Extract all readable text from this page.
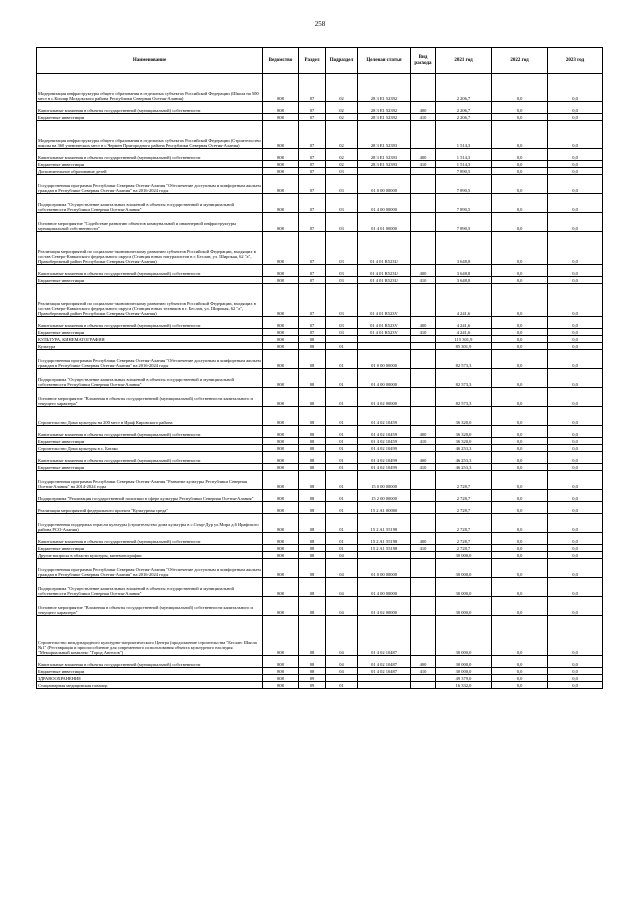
258
Наименование	Ведомство	Раздел	Подраздел	Целевая статья	Вид расхода	2021 год	2022 год	2023 год
Модернизация инфраструктуры общего образования в отдельных субъектах Российской Федерации (Школа на 500 мест в с.Кизляр Моздокского района Республики Северная Осетия-Алания)	808	07	02	28 3 E1 52392		2 206,7	0,0	0,0
Капитальные вложения в объекты государственной (муниципальной) собственности	808	07	02	28 3 E1 52392	400	2 206,7	0,0	0,0
Бюджетные инвестиции	808	07	02	28 3 E1 52392	410	2 206,7	0,0	0,0
Модернизация инфраструктуры общего образования в отдельных субъектах Российской Федерации (Строительство школы на 360 ученических мест в с.Чермен Пригородного района Республики Северная Осетия-Алания)	808	07	02	28 3 E1 52393		1 514,3	0,0	0,0
Капитальные вложения в объекты государственной (муниципальной) собственности	808	07	02	28 3 E1 52393	400	1 514,3	0,0	0,0
Бюджетные инвестиции	808	07	02	28 3 E1 52393	410	1 514,3	0,0	0,0
Дополнительное образование детей	808	07	03			7 890,5	0,0	0,0
Государственная программа Республики Северная Осетия-Алания "Обеспечение доступным и комфортным жильем граждан в Республике Северная Осетия-Алания" на 2016-2024 годы	808	07	03	01 0 00 00000		7 890,5	0,0	0,0
Подпрограмма "Осуществление капитальных вложений в объекты государственной и муниципальной собственности Республики Северная Осетия-Алания"	808	07	03	01 4 00 00000		7 890,5	0,0	0,0
Основное мероприятие "Содействие развитию объектов коммунальной и инженерной инфраструктуры муниципальной собственности"	808	07	03	01 4 01 00000		7 890,5	0,0	0,0
Реализация мероприятий по социально-экономическому развитию субъектов Российской Федерации, входящих в состав Северо-Кавказского федерального округа (Станция юных натуралистов в г. Беслан, ул. Широкая, 62 "а", Правобережный район Республики Северная Осетия-Алания)	808	07	03	01 4 01 R523U		3 648,8	0,0	0,0
Капитальные вложения в объекты государственной (муниципальной) собственности	808	07	03	01 4 01 R523U	400	3 648,8	0,0	0,0
Бюджетные инвестиции	808	07	03	01 4 01 R523U	410	3 648,8	0,0	0,0
Реализация мероприятий по социально-экономическому развитию субъектов Российской Федерации, входящих в состав Северо-Кавказского федерального округа (Станция юных техников в г. Беслан, ул. Широкая, 62 "а", Правобережный район Республики Северная Осетия-Алания)	808	07	03	01 4 01 R523V		4 241,6	0,0	0,0
Капитальные вложения в объекты государственной (муниципальной) собственности	808	07	03	01 4 01 R523V	400	4 241,6	0,0	0,0
Бюджетные инвестиции	808	07	03	01 4 01 R523V	410	4 241,6	0,0	0,0
КУЛЬТУРА, КИНЕМАТОГРАФИЯ	808	08				115 301,9	0,0	0,0
Культура	808	08	01			85 301,9	0,0	0,0
Государственная программа Республики Северная Осетия-Алания "Обеспечение доступным и комфортным жильем граждан в Республике Северная Осетия-Алания" на 2016-2024 годы	808	08	01	01 0 00 00000		82 573,3	0,0	0,0
Подпрограмма "Осуществление капитальных вложений в объекты государственной и муниципальной собственности Республики Северная Осетия-Алания"	808	08	01	01 4 00 00000		82 573,3	0,0	0,0
Основное мероприятие "Вложения в объекты государственной (муниципальной) собственности капитального и текущего характера"	808	08	01	01 4 02 00000		82 573,3	0,0	0,0
Строительство Дома культуры на 200 мест в Ираф Кировского района	808	08	01	01 4 02 10459		36 320,0	0,0	0,0
Капитальные вложения в объекты государственной (муниципальной) собственности	808	08	01	01 4 02 10459	400	36 320,0	0,0	0,0
Бюджетные инвестиции	808	08	01	01 4 02 10459	410	36 320,0	0,0	0,0
Строительство Дома культуры в с. Батако	808	08	01	01 4 02 10499		46 253,3	0,0	0,0
Капитальные вложения в объекты государственной (муниципальной) собственности	808	08	01	01 4 02 10499	400	46 253,3	0,0	0,0
Бюджетные инвестиции	808	08	01	01 4 02 10499	410	46 253,3	0,0	0,0
Государственная программа Республики Северная Осетия-Алания "Развитие культуры Республики Северная Осетия-Алания" на 2014-2024 годы	808	08	01	15 0 00 00000		2 728,7	0,0	0,0
Подпрограмма "Реализация государственной политики в сфере культуры Республики Северная Осетия-Алания"	808	08	01	15 2 00 00000		2 728,7	0,0	0,0
Реализация мероприятий федерального проекта "Культурная среда"	808	08	01	15 2 A1 00000		2 728,7	0,0	0,0
Государственная поддержка отрасли культуры (строительство дома культуры в с.Стыр-Дур ул.Мира д.6 Ирафского района РСО-Алания)	808	08	01	15 2 A1 55198		2 728,7	0,0	0,0
Капитальные вложения в объекты государственной (муниципальной) собственности	808	08	01	15 2 A1 55198	400	2 728,7	0,0	0,0
Бюджетные инвестиции	808	08	01	15 2 A1 55198	410	2 728,7	0,0	0,0
Другие вопросы в области культуры, кинематографии	808	08	04			30 000,0	0,0	0,0
Государственная программа Республики Северная Осетия-Алания "Обеспечение доступным и комфортным жильем граждан в Республике Северная Осетия-Алания" на 2016-2024 годы	808	08	04	01 0 00 00000		30 000,0	0,0	0,0
Подпрограмма "Осуществление капитальных вложений в объекты государственной и муниципальной собственности Республики Северная Осетия-Алания"	808	08	04	01 4 00 00000		30 000,0	0,0	0,0
Основное мероприятие "Вложения в объекты государственной (муниципальной) собственности капитального и текущего характера"	808	08	04	01 4 02 00000		30 000,0	0,0	0,0
Строительство международного культурно-патриотического Центра (продолжение строительства "Беслан. Школа №1" (Реставрация и приспособление для современного использования объекта культурного наследия "Мемориальный комплекс "Город Ангелов")	808	08	04	01 4 02 10487		30 000,0	0,0	0,0
Капитальные вложения в объекты государственной (муниципальной) собственности	808	08	04	01 4 02 10487	400	30 000,0	0,0	0,0
Бюджетные инвестиции	808	08	04	01 4 02 10487	410	30 000,0	0,0	0,0
ЗДРАВООХРАНЕНИЕ	808	09				49 379,0	0,0	0,0
Стационарная медицинская помощь	808	09	01			16 332,0	0,0	0,0
